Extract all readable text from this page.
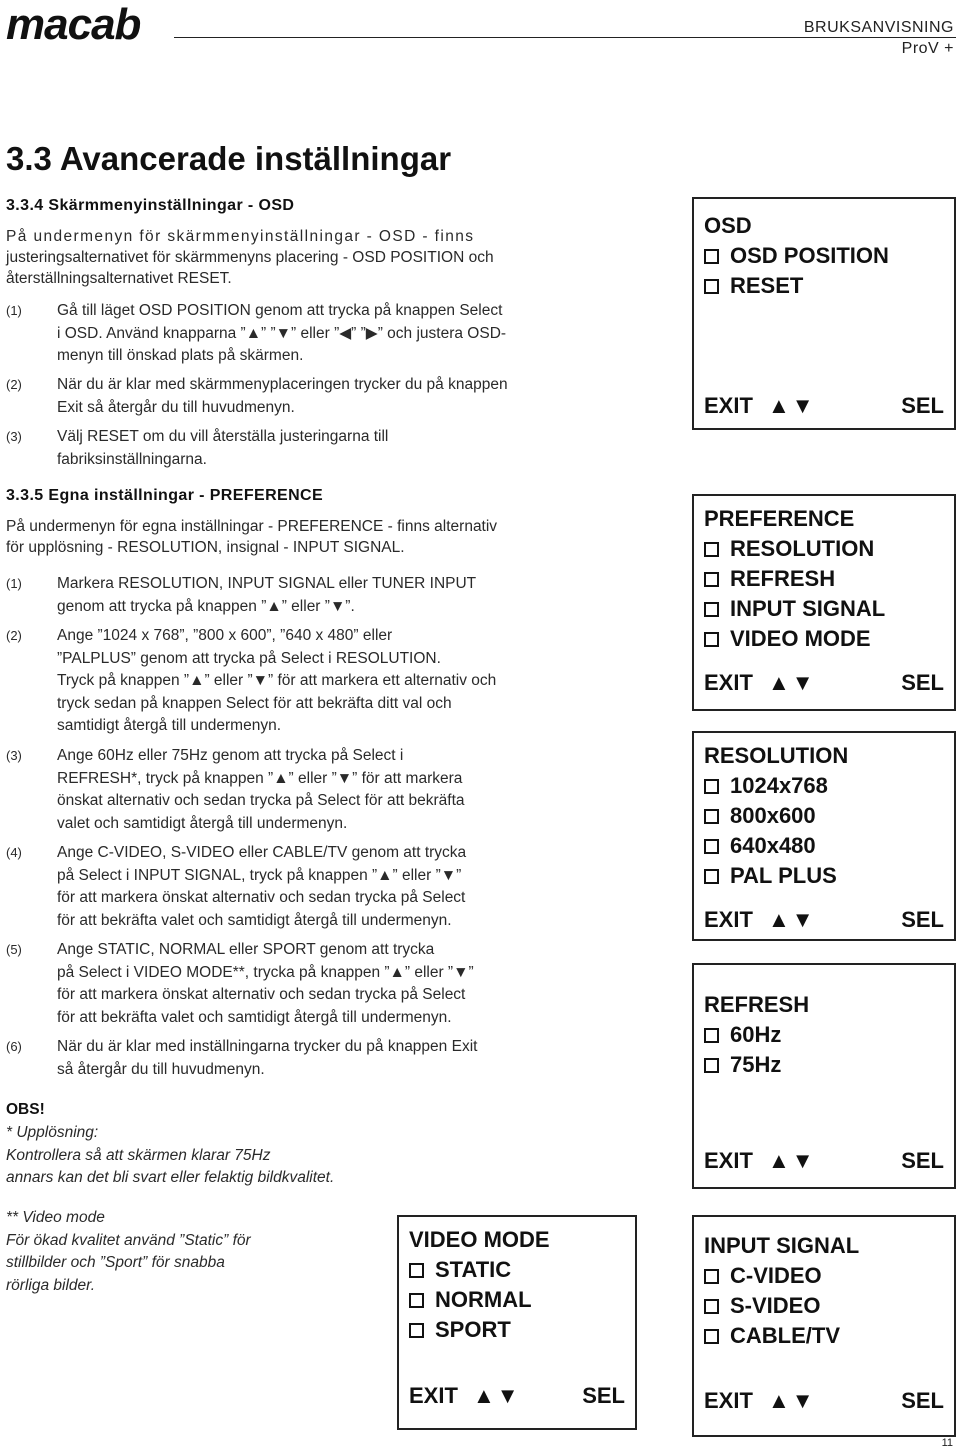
macab	BRUKSANVISNING
ProV +
3.3 Avancerade inställningar
3.3.4 Skärmmenyinställningar - OSD
På undermenyn för skärmmenyinställningar - OSD - finns
justeringsalternativet för skärmmenyns placering - OSD POSITION och
återställningsalternativet RESET.
(1) Gå till läget OSD POSITION genom att trycka på knappen Select
i OSD. Använd knapparna ”▲” ”▼” eller ”◀” ”▶” och justera OSD-
menyn till önskad plats på skärmen.
(2) När du är klar med skärmmenyplaceringen trycker du på knappen
Exit så återgår du till huvudmenyn.
(3) Välj RESET om du vill återställa justeringarna till
fabriksinställningarna.
3.3.5 Egna inställningar - PREFERENCE
På undermenyn för egna inställningar - PREFERENCE - finns alternativ
för upplösning - RESOLUTION, insignal - INPUT SIGNAL.
(1) Markera RESOLUTION, INPUT SIGNAL eller TUNER INPUT
genom att trycka på knappen ”▲” eller ”▼”.
(2) Ange ”1024 x 768”, ”800 x 600”, ”640 x 480” eller
”PALPLUS” genom att trycka på Select i RESOLUTION.
Tryck på knappen ”▲” eller ”▼” för att markera ett alternativ och
tryck sedan på knappen Select för att bekräfta ditt val och
samtidigt återgå till undermenyn.
(3) Ange 60Hz eller 75Hz genom att trycka på Select i
REFRESH*, tryck på knappen ”▲” eller ”▼” för att markera
önskat alternativ och sedan trycka på Select för att bekräfta
valet och samtidigt återgå till undermenyn.
(4) Ange C-VIDEO, S-VIDEO eller CABLE/TV genom att trycka
på Select i INPUT SIGNAL, tryck på knappen ”▲” eller ”▼”
för att markera önskat alternativ och sedan trycka på Select
för att bekräfta valet och samtidigt återgå till undermenyn.
(5) Ange STATIC, NORMAL eller SPORT genom att trycka
på Select i VIDEO MODE**, trycka på knappen ”▲” eller ”▼”
för att markera önskat alternativ och sedan trycka på Select
för att bekräfta valet och samtidigt återgå till undermenyn.
(6) När du är klar med inställningarna trycker du på knappen Exit
så återgår du till huvudmenyn.
OBS!
* Upplösning:
Kontrollera så att skärmen klarar 75Hz
annars kan det bli svart eller felaktig bildkvalitet.
** Video mode
För ökad kvalitet använd ”Static” för
stillbilder och ”Sport” för snabba
rörliga bilder.
OSD
OSD POSITION
RESET
EXIT ▲▼	SEL
PREFERENCE
RESOLUTION
REFRESH
INPUT SIGNAL
VIDEO MODE
EXIT ▲▼	SEL
RESOLUTION
1024x768
800x600
640x480
PAL PLUS
EXIT ▲▼	SEL
REFRESH
60Hz
75Hz
EXIT ▲▼	SEL
VIDEO MODE
STATIC
NORMAL
SPORT
EXIT ▲▼	SEL
INPUT SIGNAL
C-VIDEO
S-VIDEO
CABLE/TV
EXIT ▲▼	SEL
11
